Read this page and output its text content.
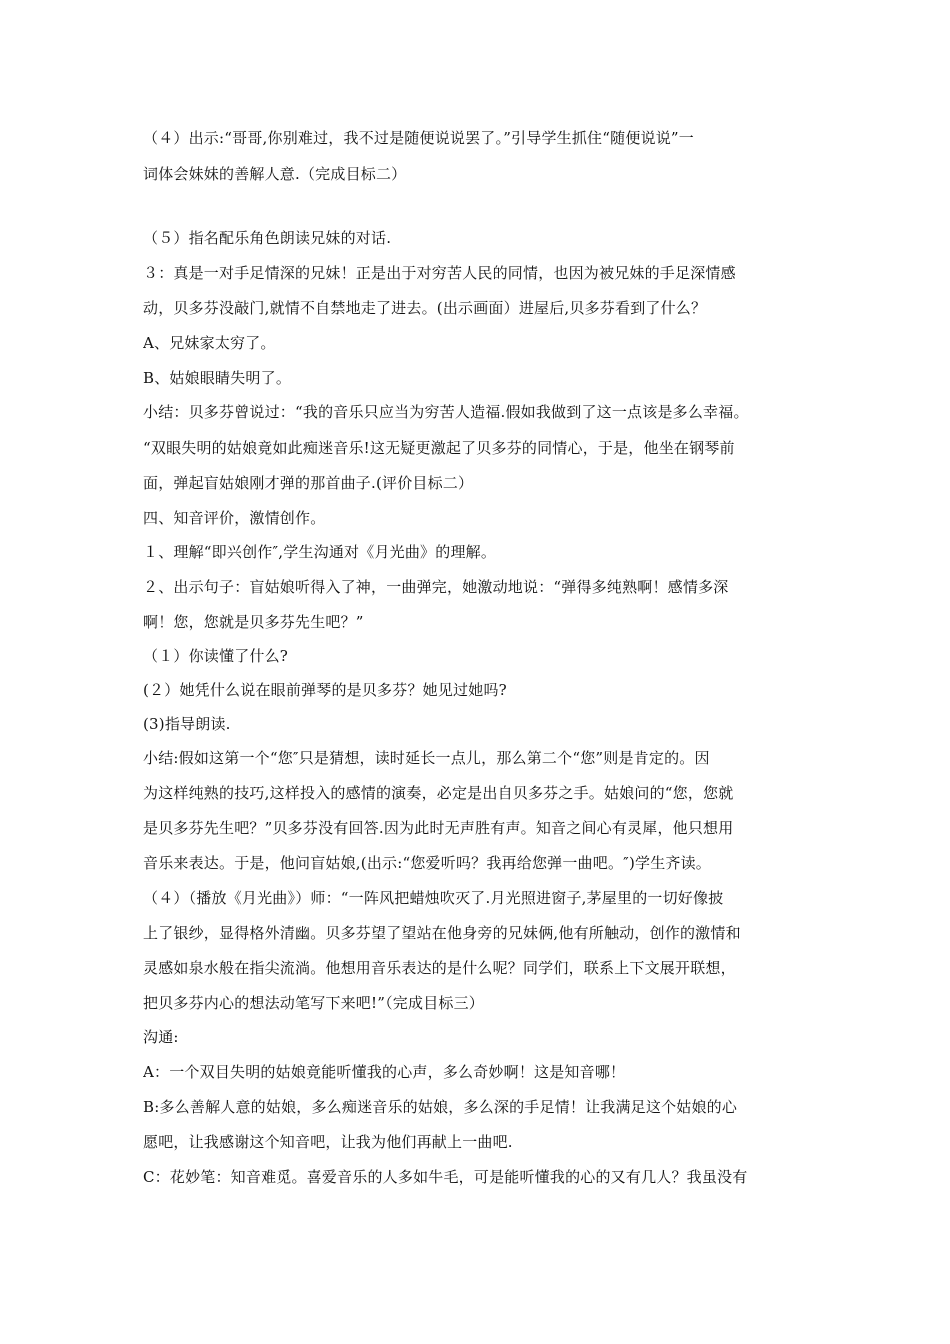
（４）出示:“哥哥,你别难过，我不过是随便说说罢了。”引导学生抓住“随便说说”一
词体会妹妹的善解人意.（完成目标二）
（５）指名配乐角色朗读兄妹的对话.
３：真是一对手足情深的兄妹！正是出于对穷苦人民的同情，也因为被兄妹的手足深情感
动，贝多芬没敲门,就情不自禁地走了进去。(出示画面）进屋后,贝多芬看到了什么？
A、兄妹家太穷了。
B、姑娘眼睛失明了。
小结：贝多芬曾说过：“我的音乐只应当为穷苦人造福.假如我做到了这一点该是多么幸福。
“双眼失明的姑娘竟如此痴迷音乐!这无疑更激起了贝多芬的同情心，于是，他坐在钢琴前
面，弹起盲姑娘刚才弹的那首曲子.(评价目标二）
四、知音评价，激情创作。
１、理解“即兴创作″,学生沟通对《月光曲》的理解。
２、出示句子：盲姑娘听得入了神，一曲弹完，她激动地说：“弹得多纯熟啊！感情多深
啊！您，您就是贝多芬先生吧？”
（１）你读懂了什么?
(２）她凭什么说在眼前弹琴的是贝多芬？她见过她吗?
(3)指导朗读.
小结:假如这第一个“您″只是猜想，读时延长一点儿，那么第二个“您”则是肯定的。因
为这样纯熟的技巧,这样投入的感情的演奏，必定是出自贝多芬之手。姑娘问的“您，您就
是贝多芬先生吧？”贝多芬没有回答.因为此时无声胜有声。知音之间心有灵犀，他只想用
音乐来表达。于是，他问盲姑娘,(出示:“您爱听吗？我再给您弹一曲吧。″)学生齐读。
（４）（播放《月光曲》）师：“一阵风把蜡烛吹灭了.月光照进窗子,茅屋里的一切好像披
上了银纱，显得格外清幽。贝多芬望了望站在他身旁的兄妹俩,他有所触动，创作的激情和
灵感如泉水般在指尖流淌。他想用音乐表达的是什么呢？同学们，联系上下文展开联想，
把贝多芬内心的想法动笔写下来吧!”（完成目标三）
沟通:
A：一个双目失明的姑娘竟能听懂我的心声，多么奇妙啊！这是知音哪！
B:多么善解人意的姑娘，多么痴迷音乐的姑娘，多么深的手足情！让我满足这个姑娘的心
愿吧，让我感谢这个知音吧，让我为他们再献上一曲吧.
C：花妙笔：知音难觅。喜爱音乐的人多如牛毛，可是能听懂我的心的又有几人？我虽没有
